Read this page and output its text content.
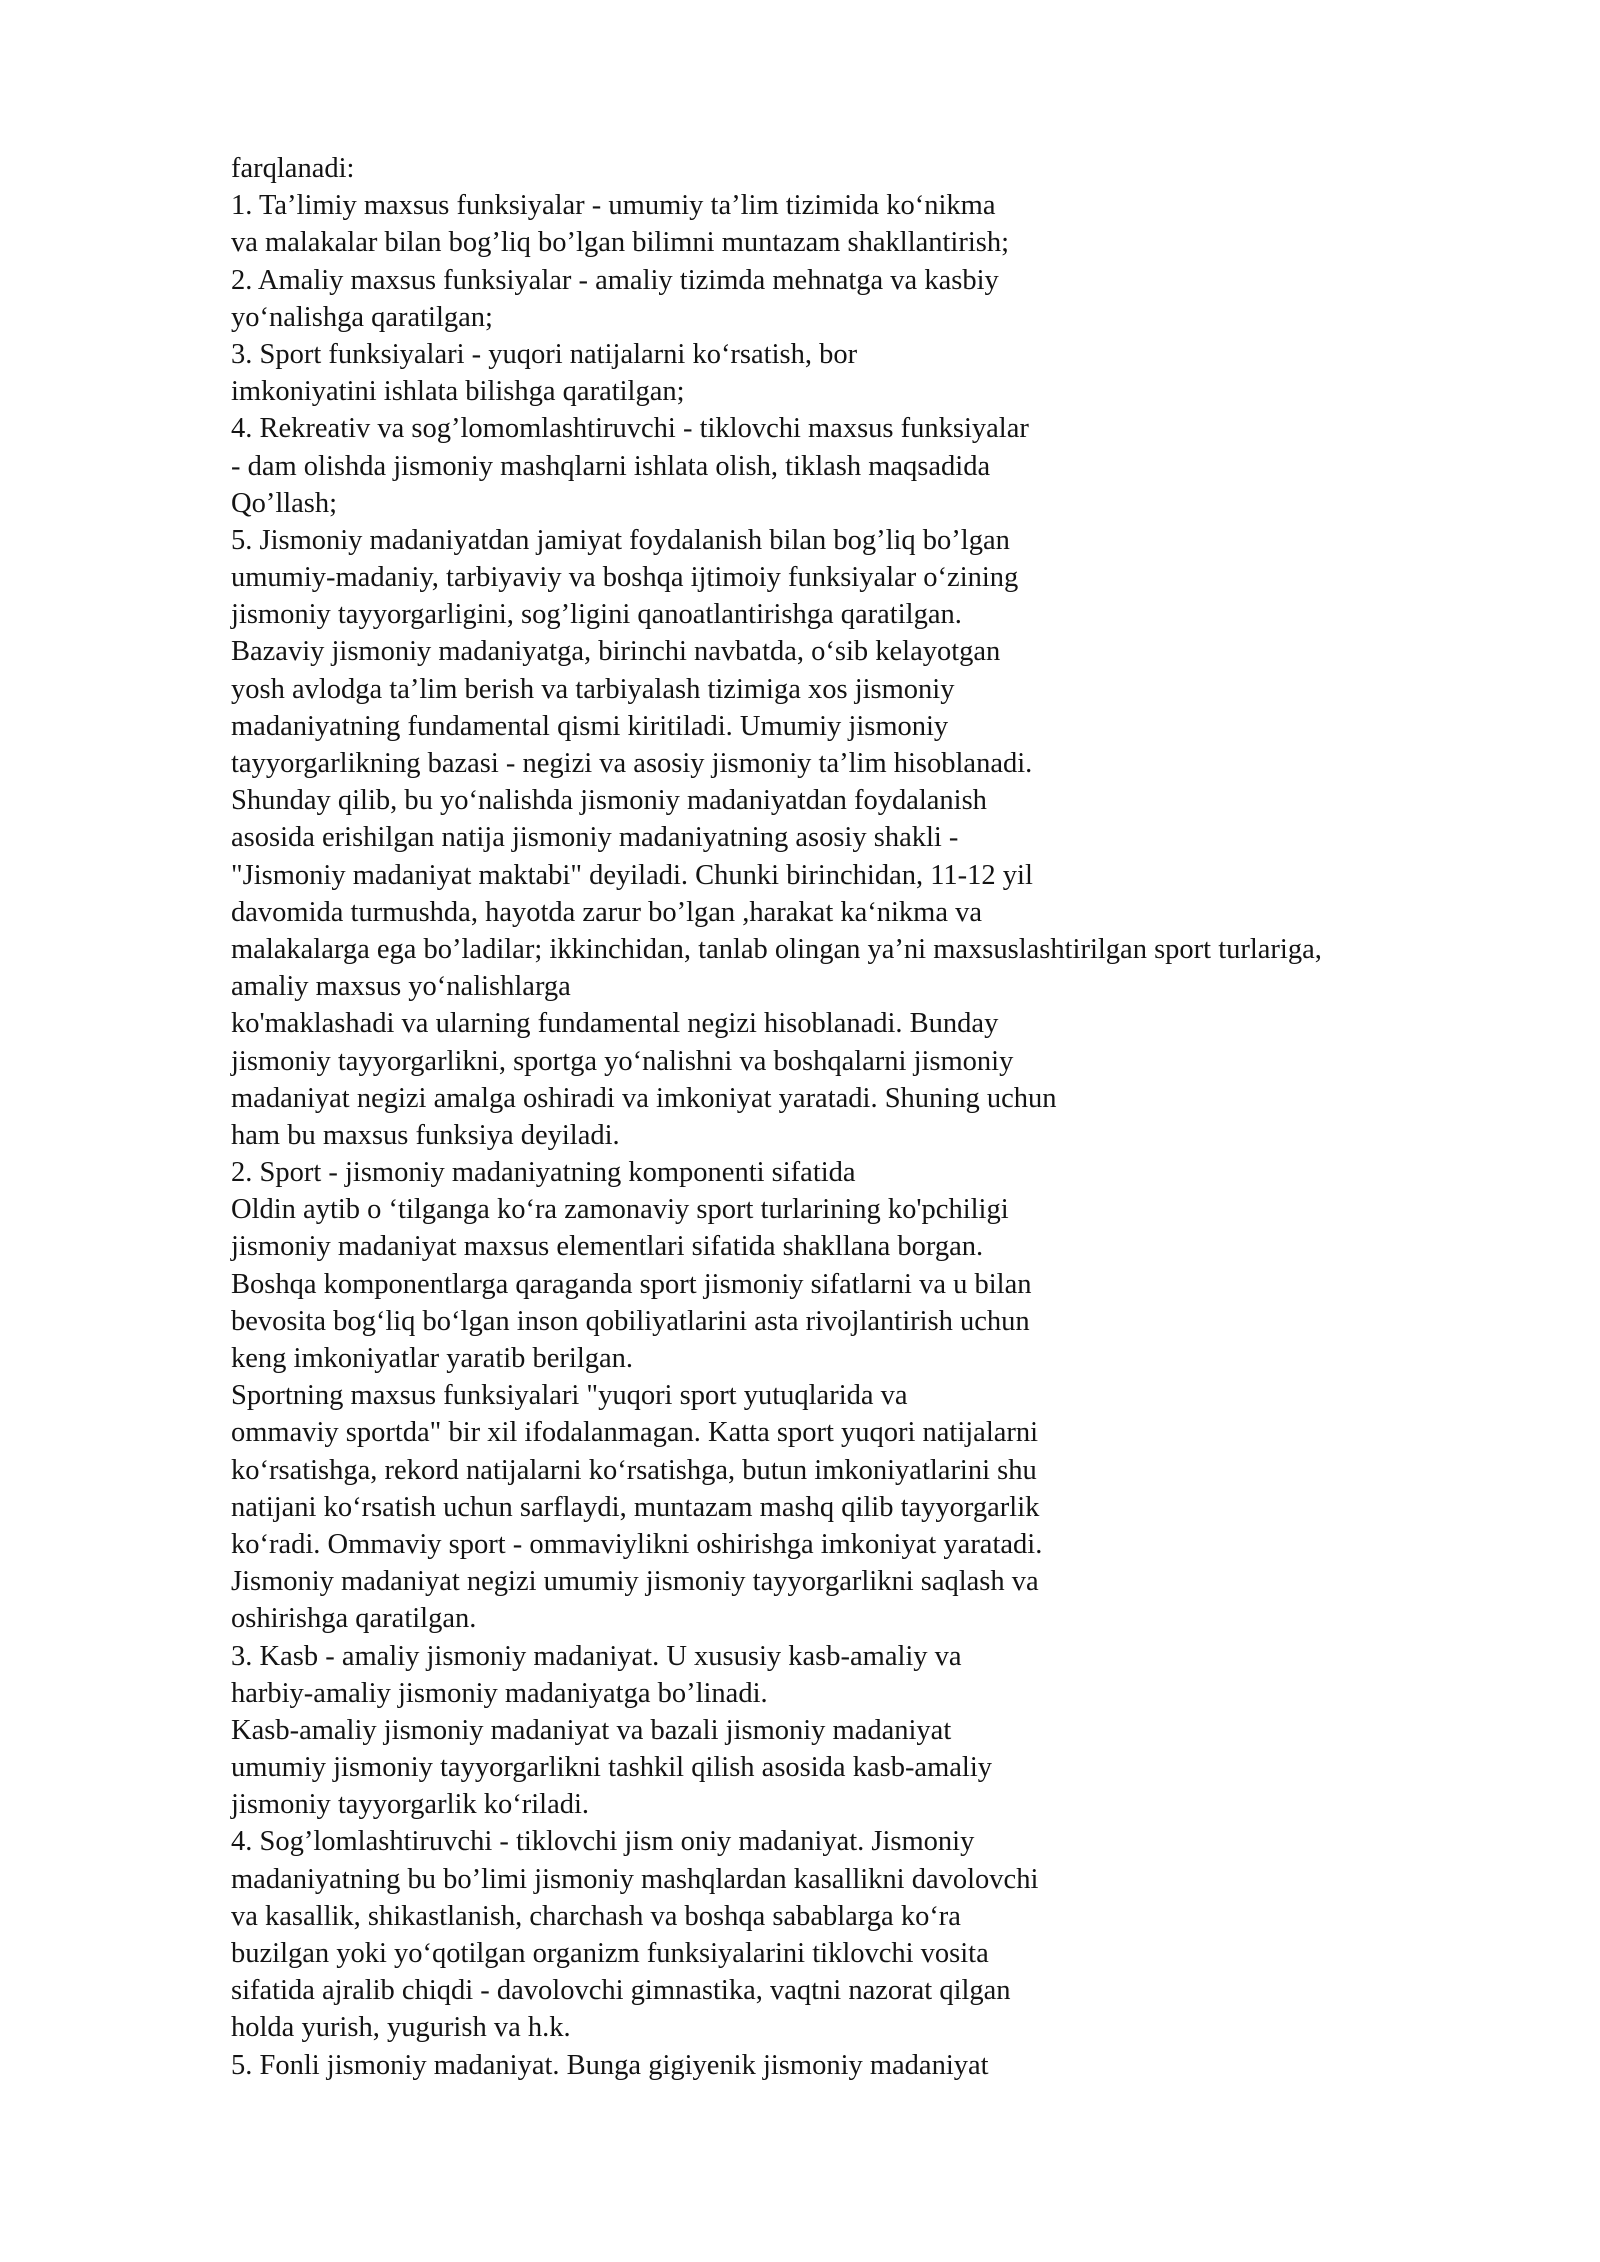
farqlanadi:
1. Ta’limiy maxsus funksiyalar - umumiy ta’lim tizimida ko‘nikma
va malakalar bilan bog’liq bo’lgan bilimni muntazam shakllantirish;
2. Amaliy maxsus funksiyalar - amaliy tizimda mehnatga va kasbiy
yo‘nalishga qaratilgan;
3. Sport funksiyalari - yuqori natijalarni ko‘rsatish, bor
imkoniyatini ishlata bilishga qaratilgan;
4. Rekreativ va sog’lomomlashtiruvchi - tiklovchi maxsus funksiyalar
- dam olishda jismoniy mashqlarni ishlata olish, tiklash maqsadida
Qo’llash;
5. Jismoniy madaniyatdan jamiyat foydalanish bilan bog’liq bo’lgan
umumiy-madaniy, tarbiyaviy va boshqa ijtimoiy funksiyalar o‘zining
jismoniy tayyorgarligini, sog’ligini qanoatlantirishga qaratilgan.
Bazaviy jismoniy madaniyatga, birinchi navbatda, o‘sib kelayotgan
yosh avlodga ta’lim berish va tarbiyalash tizimiga xos jismoniy
madaniyatning fundamental qismi kiritiladi. Umumiy jismoniy
tayyorgarlikning bazasi - negizi va asosiy jismoniy ta’lim hisoblanadi.
Shunday qilib, bu yo‘nalishda jismoniy madaniyatdan foydalanish
asosida erishilgan natija jismoniy madaniyatning asosiy shakli -
"Jismoniy madaniyat maktabi" deyiladi. Chunki birinchidan, 11-12 yil
davomida turmushda, hayotda zarur bo’lgan ,harakat ka‘nikma va
malakalarga ega bo’ladilar; ikkinchidan, tanlab olingan ya’ni maxsuslashtirilgan sport turlariga,
amaliy maxsus yo‘nalishlarga
ko'maklashadi va ularning fundamental negizi hisoblanadi. Bunday
jismoniy tayyorgarlikni, sportga yo‘nalishni va boshqalarni jismoniy
madaniyat negizi amalga oshiradi va imkoniyat yaratadi. Shuning uchun
ham bu maxsus funksiya deyiladi.
2. Sport - jismoniy madaniyatning komponenti sifatida
Oldin aytib o ‘tilganga ko‘ra zamonaviy sport turlarining ko'pchiligi
jismoniy madaniyat maxsus elementlari sifatida shakllana borgan.
Boshqa komponentlarga qaraganda sport jismoniy sifatlarni va u bilan
bevosita bog‘liq bo‘lgan inson qobiliyatlarini asta rivojlantirish uchun
keng imkoniyatlar yaratib berilgan.
Sportning maxsus funksiyalari "yuqori sport yutuqlarida va
ommaviy sportda" bir xil ifodalanmagan. Katta sport yuqori natijalarni
ko‘rsatishga, rekord natijalarni ko‘rsatishga, butun imkoniyatlarini shu
natijani ko‘rsatish uchun sarflaydi, muntazam mashq qilib tayyorgarlik
ko‘radi. Ommaviy sport - ommaviylikni oshirishga imkoniyat yaratadi.
Jismoniy madaniyat negizi umumiy jismoniy tayyorgarlikni saqlash va
oshirishga qaratilgan.
3. Kasb - amaliy jismoniy madaniyat. U xususiy kasb-amaliy va
harbiy-amaliy jismoniy madaniyatga bo’linadi.
Kasb-amaliy jismoniy madaniyat va bazali jismoniy madaniyat
umumiy jismoniy tayyorgarlikni tashkil qilish asosida kasb-amaliy
jismoniy tayyorgarlik ko‘riladi.
4. Sog’lomlashtiruvchi - tiklovchi jism oniy madaniyat. Jismoniy
madaniyatning bu bo’limi jismoniy mashqlardan kasallikni davolovchi
va kasallik, shikastlanish, charchash va boshqa sabablarga ko‘ra
buzilgan yoki yo‘qotilgan organizm funksiyalarini tiklovchi vosita
sifatida ajralib chiqdi - davolovchi gimnastika, vaqtni nazorat qilgan
holda yurish, yugurish va h.k.
5. Fonli jismoniy madaniyat. Bunga gigiyenik jismoniy madaniyat
